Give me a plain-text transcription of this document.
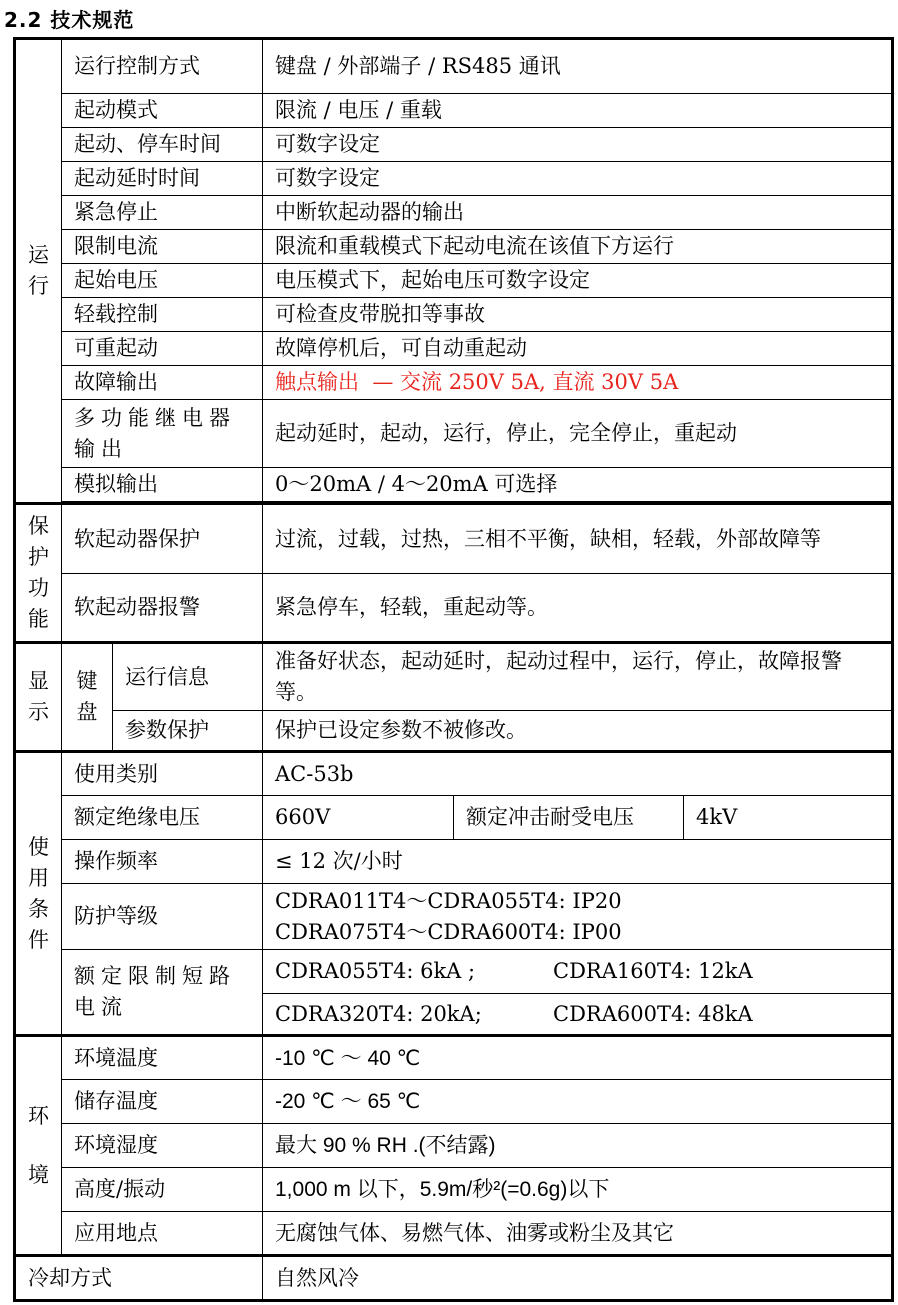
2.2 技术规范
运
行	运行控制方式		键盘 / 外部端子 / RS485 通讯		
	起动模式		限流 / 电压 / 重载		
	起动、停车时间		可数字设定		
	起动延时时间		可数字设定		
	紧急停止		中断软起动器的输出		
	限制电流		限流和重载模式下起动电流在该值下方运行		
	起始电压		电压模式下，起始电压可数字设定		
	轻载控制		可检查皮带脱扣等事故		
	可重起动		故障停机后，可自动重起动		
	故障输出		触点输出  — 交流 250V 5A, 直流 30V 5A		
	多功能继电器输出		起动延时，起动，运行，停止，完全停止，重起动		
	模拟输出		0～20mA / 4～20mA 可选择		

保
护
功
能	软起动器保护		过流，过载，过热，三相不平衡，缺相，轻载，外部故障等		
	软起动器报警		紧急停车，轻载，重起动等。		

显
示	键
盘	运行信息	准备好状态，起动延时，起动过程中，运行，停止，故障报警等。		
		参数保护	保护已设定参数不被修改。		

使
用
条
件	使用类别		AC-53b		
	额定绝缘电压		660V	额定冲击耐受电压	4kV
	操作频率		≤ 12 次/小时		
	防护等级		CDRA011T4～CDRA055T4: IP20
CDRA075T4～CDRA600T4: IP00		

	额定限制短路电流		CDRA055T4: 6kA ; CDRA160T4: 12kA		

			CDRA320T4: 20kA; CDRA600T4: 48kA		

环
境	环境温度		-10 ℃ ～ 40 ℃		
	储存温度		-20 ℃ ～ 65 ℃		
	环境湿度		最大 90 % RH .(不结露)		
	高度/振动		1,000 m 以下，5.9m/秒²(=0.6g)以下		
	应用地点		无腐蚀气体、易燃气体、油雾或粉尘及其它		
冷却方式			自然风冷		
